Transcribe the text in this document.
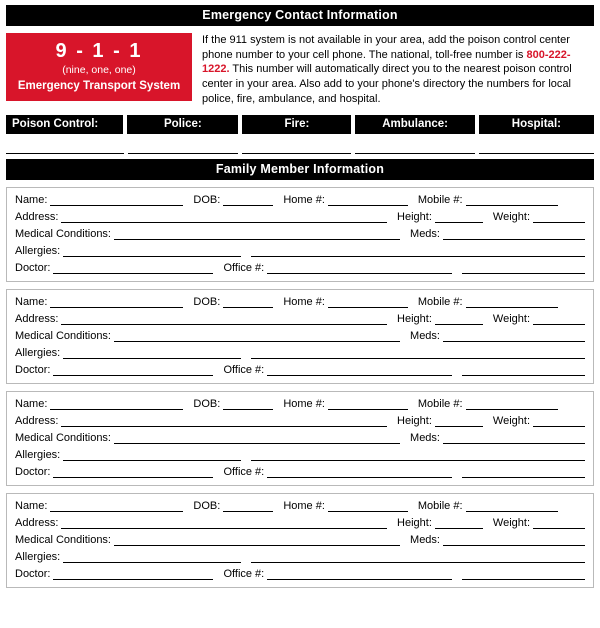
Emergency Contact Information
9 - 1 - 1
(nine, one, one)
Emergency Transport System
If the 911 system is not available in your area, add the poison control center phone number to your cell phone. The national, toll-free number is 800-222-1222. This number will automatically direct you to the nearest poison control center in your area. Also add to your phone's directory the numbers for local police, fire, ambulance, and hospital.
Poison Control:	Police:	Fire:	Ambulance:	Hospital:
Family Member Information
Name:	DOB:	Home #:	Mobile #:
Address:	Height:	Weight:
Medical Conditions:	Meds:
Allergies:
Doctor:	Office #:
Name:	DOB:	Home #:	Mobile #:
Address:	Height:	Weight:
Medical Conditions:	Meds:
Allergies:
Doctor:	Office #:
Name:	DOB:	Home #:	Mobile #:
Address:	Height:	Weight:
Medical Conditions:	Meds:
Allergies:
Doctor:	Office #:
Name:	DOB:	Home #:	Mobile #:
Address:	Height:	Weight:
Medical Conditions:	Meds:
Allergies:
Doctor:	Office #:
